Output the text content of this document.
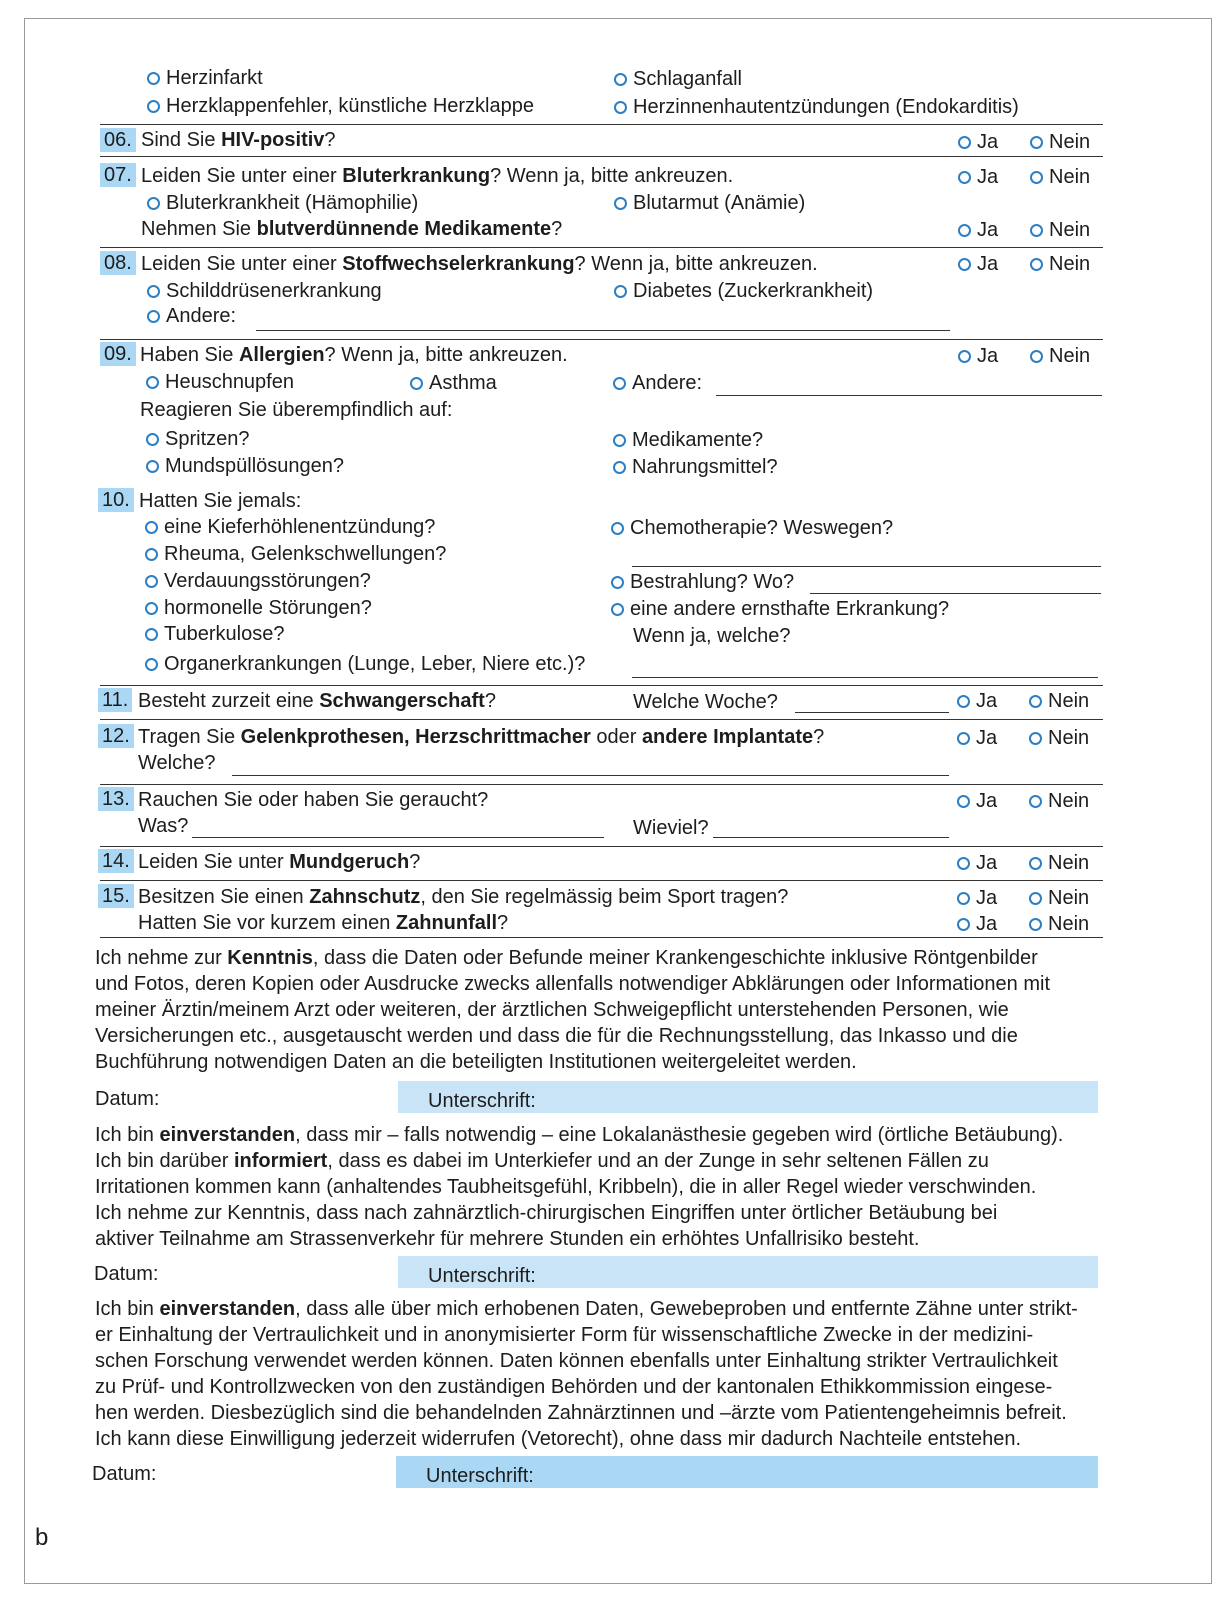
Herzinfarkt	Schlaganfall
Herzklappenfehler, künstliche Herzklappe	Herzinnenhautentzündungen (Endokarditis)
06. Sind Sie HIV-positiv?	Ja	Nein
07. Leiden Sie unter einer Bluterkrankung? Wenn ja, bitte ankreuzen.	Ja	Nein
Bluterkrankheit (Hämophilie)	Blutarmut (Anämie)
Nehmen Sie blutverdünnende Medikamente?	Ja	Nein
08. Leiden Sie unter einer Stoffwechselerkrankung? Wenn ja, bitte ankreuzen.	Ja	Nein
Schilddrüsenerkrankung	Diabetes (Zuckerkrankheit)
Andere:
09. Haben Sie Allergien? Wenn ja, bitte ankreuzen.	Ja	Nein
Heuschnupfen	Asthma	Andere:
Reagieren Sie überempfindlich auf:
Spritzen?	Medikamente?
Mundspüllösungen?	Nahrungsmittel?
10. Hatten Sie jemals:
eine Kieferhöhlenentzündung?	Chemotherapie? Weswegen?
Rheuma, Gelenkschwellungen?
Verdauungsstörungen?	Bestrahlung? Wo?
hormonelle Störungen?	eine andere ernsthafte Erkrankung?
Tuberkulose?	Wenn ja, welche?
Organerkrankungen (Lunge, Leber, Niere etc.)?
11. Besteht zurzeit eine Schwangerschaft?	Welche Woche?	Ja	Nein
12. Tragen Sie Gelenkprothesen, Herzschrittmacher oder andere Implantate?	Ja	Nein
Welche?
13. Rauchen Sie oder haben Sie geraucht?	Ja	Nein
Was?	Wieviel?
14. Leiden Sie unter Mundgeruch?	Ja	Nein
15. Besitzen Sie einen Zahnschutz, den Sie regelmässig beim Sport tragen?	Ja	Nein
Hatten Sie vor kurzem einen Zahnunfall?	Ja	Nein
Ich nehme zur Kenntnis, dass die Daten oder Befunde meiner Krankengeschichte inklusive Röntgenbilder
und Fotos, deren Kopien oder Ausdrucke zwecks allenfalls notwendiger Abklärungen oder Informationen mit
meiner Ärztin/meinem Arzt oder weiteren, der ärztlichen Schweigepflicht unterstehenden Personen, wie
Versicherungen etc., ausgetauscht werden und dass die für die Rechnungsstellung, das Inkasso und die
Buchführung notwendigen Daten an die beteiligten Institutionen weitergeleitet werden.
Datum:	Unterschrift:
Ich bin einverstanden, dass mir – falls notwendig – eine Lokalanästhesie gegeben wird (örtliche Betäubung).
Ich bin darüber informiert, dass es dabei im Unterkiefer und an der Zunge in sehr seltenen Fällen zu
Irritationen kommen kann (anhaltendes Taubheitsgefühl, Kribbeln), die in aller Regel wieder verschwinden.
Ich nehme zur Kenntnis, dass nach zahnärztlich-chirurgischen Eingriffen unter örtlicher Betäubung bei
aktiver Teilnahme am Strassenverkehr für mehrere Stunden ein erhöhtes Unfallrisiko besteht.
Datum:	Unterschrift:
Ich bin einverstanden, dass alle über mich erhobenen Daten, Gewebeproben und entfernte Zähne unter strikt-
er Einhaltung der Vertraulichkeit und in anonymisierter Form für wissenschaftliche Zwecke in der medizini-
schen Forschung verwendet werden können. Daten können ebenfalls unter Einhaltung strikter Vertraulichkeit
zu Prüf- und Kontrollzwecken von den zuständigen Behörden und der kantonalen Ethikkommission eingese-
hen werden. Diesbezüglich sind die behandelnden Zahnärztinnen und –ärzte vom Patientengeheimnis befreit.
Ich kann diese Einwilligung jederzeit widerrufen (Vetorecht), ohne dass mir dadurch Nachteile entstehen.
Datum:	Unterschrift:
b
